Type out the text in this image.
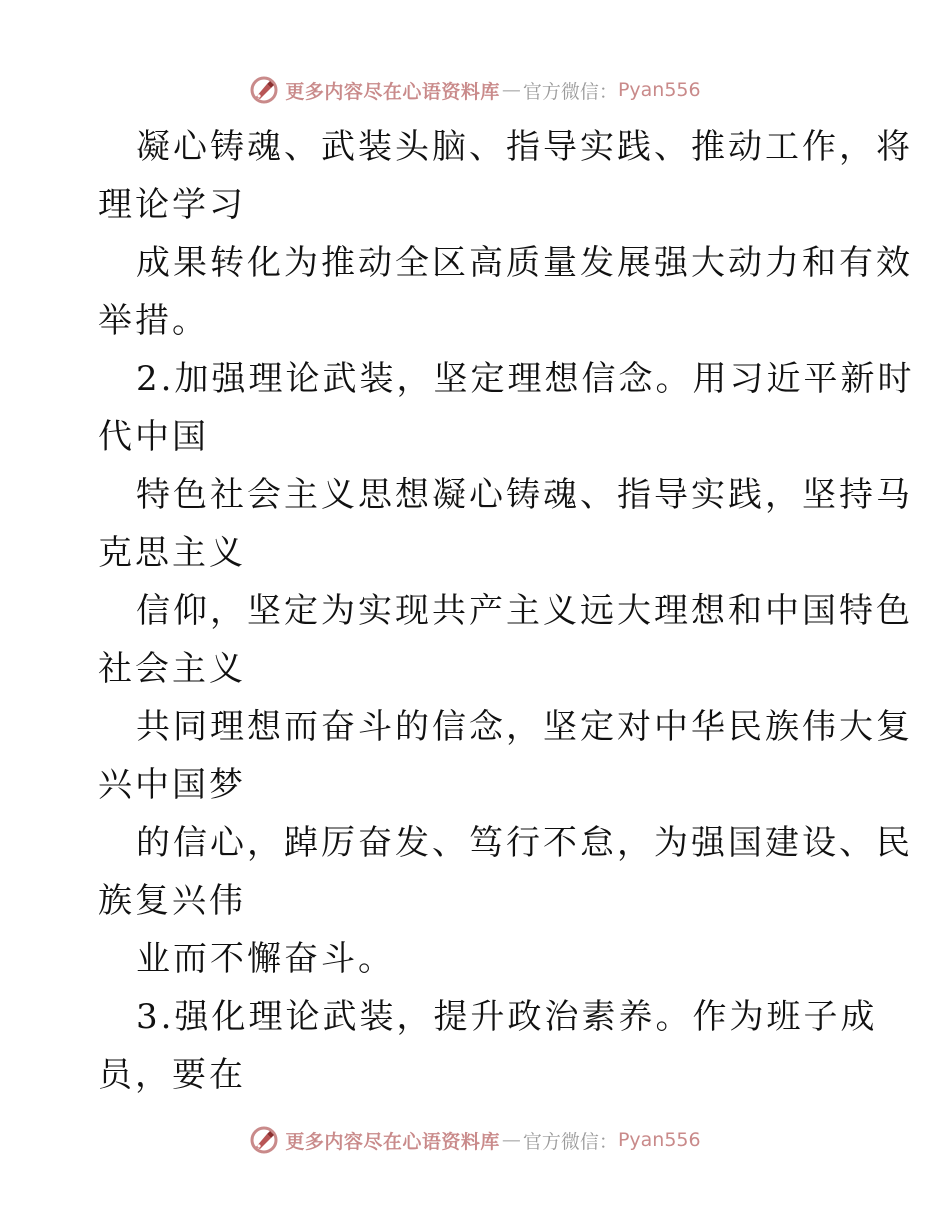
更多内容尽在心语资料库 — 官方微信： Pyan556
凝心铸魂、武装头脑、指导实践、推动工作，将
理论学习
成果转化为推动全区高质量发展强大动力和有效
举措。
2.加强理论武装，坚定理想信念。用习近平新时
代中国
特色社会主义思想凝心铸魂、指导实践，坚持马
克思主义
信仰，坚定为实现共产主义远大理想和中国特色
社会主义
共同理想而奋斗的信念，坚定对中华民族伟大复
兴中国梦
的信心，踔厉奋发、笃行不怠，为强国建设、民
族复兴伟
业而不懈奋斗。
3.强化理论武装，提升政治素养。作为班子成
员，要在
更多内容尽在心语资料库 — 官方微信： Pyan556
